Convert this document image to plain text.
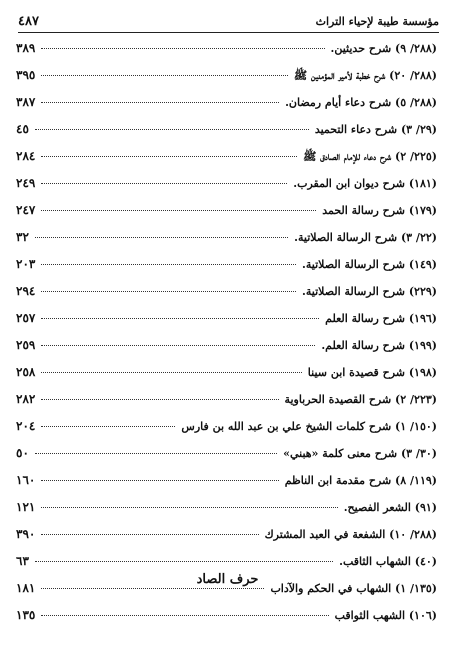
مؤسسة طيبة لإحياء التراث
٤٨٧
(٢٨٨/ ٩) شرح حديثين.
٣٨٩
(٢٨٨/ ٢٠) شرح خطبة لأمير المؤمنين ﷺ
٣٩٥
(٢٨٨/ ٥) شرح دعاء أيام رمضان.
٣٨٧
(٢٩/ ٣) شرح دعاء التحميد
٤٥
(٢٢٥/ ٢) شرح دعاء للإمام الصادق ﷺ
٢٨٤
(١٨١) شرح ديوان ابن المقرب.
٢٤٩
(١٧٩) شرح رسالة الحمد
٢٤٧
(٢٢/ ٣) شرح الرسالة الصلاتية.
٣٢
(١٤٩) شرح الرسالة الصلاتية.
٢٠٣
(٢٢٩) شرح الرسالة الصلاتية.
٢٩٤
(١٩٦) شرح رسالة العلم
٢٥٧
(١٩٩) شرح رسالة العلم.
٢٥٩
(١٩٨) شرح قصيدة ابن سينا
٢٥٨
(٢٢٣/ ٢) شرح القصيدة الحرباوية
٢٨٢
(١٥٠/ ١) شرح كلمات الشيخ علي بن عبد الله بن فارس
٢٠٤
(٣٠/ ٣) شرح معنى كلمة «هبني»
٥٠
(١١٩/ ٨) شرح مقدمة ابن الناظم
١٦٠
(٩١) الشعر الفصيح.
١٢١
(٢٨٨/ ١٠) الشفعة في العبد المشترك
٣٩٠
(٤٠) الشهاب الثاقب.
٦٣
(١٣٥/ ١) الشهاب في الحكم والآداب
١٨١
(١٠٦) الشهب الثواقب
١٣٥
حرف الصاد
